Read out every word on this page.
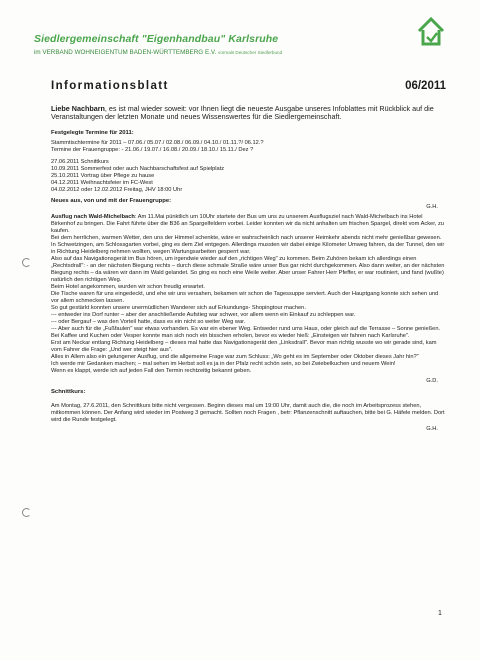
Siedlergemeinschaft "Eigenhandbau" Karlsruhe
im VERBAND WOHNEIGENTUM BADEN-WÜRTTEMBERG E.V. vormals Deutscher Siedlerbund
Informationsblatt	06/2011

Liebe Nachbarn, es ist mal wieder soweit: vor Ihnen liegt die neueste Ausgabe unseres Infoblattes mit Rückblick auf die Veranstaltungen der letzten Monate und neues Wissenswertes für die Siedlergemeinschaft.

Festgelegte Termine für 2011:

Stammtischtermine für 2011 – 07.06./ 05.07./ 02.08./ 06.09./ 04.10./ 01.11.?/ 06.12.?

Termine der Frauengruppe: - 21.06./ 19.07./ 16.08./ 20.09./ 18.10./ 15.11./ Dez ?

27.06.2011 Schnittkurs

10.09.2011 Sommerfest oder auch Nachbarschaftsfest auf Spielplatz

25.10.2011 Vortrag über Pflege zu hause

04.12.2011 Weihnachtsfeier im FC-West

04.02.2012 oder 12.02.2012 Freitag, JHV 18:00 Uhr

Neues aus, von und mit der Frauengruppe:

G.H.

Ausflug nach Wald-Michelbach: Am 11.Mai pünktlich um 10Uhr startete der Bus um uns zu unserem Ausflugsziel nach Wald-Michelbach ins Hotel Birkenhof zu bringen. Die Fahrt führte über die B36 an Spargelfeldern vorbei. Leider konnten wir da nicht anhalten um frischen Spargel, direkt vom Acker, zu kaufen.

Bei dem herrlichen, warmen Wetter, den uns der Himmel schenkte, wäre er wahrscheinlich nach unserer Heimkehr abends nicht mehr genießbar gewesen. In Schwetzingen, am Schlossgarten vorbei, ging es dem Ziel entgegen. Allerdings mussten wir dabei einige Kilometer Umweg fahren, da der Tunnel, den wir in Richtung Heidelberg nehmen wollten, wegen Wartungsarbeiten gesperrt war.

Also auf das Navigationsgerät im Bus hören, um irgendwie wieder auf den „richtigen Weg" zu kommen. Beim Zuhören bekam ich allerdings einen „Rechtsdrall": - an der nächsten Biegung rechts – durch diese schmale Straße wäre unser Bus gar nicht durchgekommen. Also dann weiter, an der nächsten Biegung rechts – da wären wir dann im Wald gelandet. So ging es noch eine Weile weiter. Aber unser Fahrer Herr Pfeffer, er war routiniert, und fand (wußte) natürlich den richtigen Weg.

Beim Hotel angekommen, wurden wir schon freudig erwartet.

Die Tische waren für uns eingedeckt, und ehe wir uns versahen, bekamen wir schon die Tagessuppe serviert. Auch der Hauptgang konnte sich sehen und vor allem schmecken lassen.

So gut gestärkt konnten unsere unermüdlichen Wanderer sich auf Erkundungs- Shopingtour machen.

--- entweder ins Dorf runter – aber der anschließende Aufstieg war schwer, vor allem wenn ein Einkauf zu schleppen war.

--- oder Bergauf – was den Vorteil hatte, dass es ein nicht so weiter Weg war.

--- Aber auch für die „Fußfaulen" war etwas vorhanden. Es war ein ebener Weg. Entweder rund ums Haus, oder gleich auf die Terrasse – Sonne genießen.

Bei Kaffee und Kuchen oder Vesper konnte man sich noch ein bisschen erholen, bevor es wieder hieß: „Einsteigen wir fahren nach Karlsruhe".

Erst am Neckar entlang Richtung Heidelberg – dieses mal hatte das Navigationsgerät den „Linksdrall". Bevor man richtig wusste wo wir gerade sind, kam vom Fahrer die Frage: „Und wer steigt hier aus".

Alles in Allem also ein gelungener Ausflug, und die allgemeine Frage war zum Schluss: „Wo geht es im September oder Oktober dieses Jahr hin?"

Ich werde mir Gedanken machen; – mal sehen im Herbst soll es ja in der Pfalz recht schön sein, so bei Zwiebelkuchen und neuem Wein!

Wenn es klappt, werde ich auf jeden Fall den Termin rechtzeitig bekannt geben.

G.D.

Schnittkurs:

Am Montag, 27.6.2011, den Schnittkurs bitte nicht vergessen. Beginn dieses mal um 19:00 Uhr, damit auch die, die noch im Arbeitsprozess stehen, mitkommen können. Der Anfang wird wieder im Postweg 3 gemacht. Sollten noch Fragen , betr: Pflanzenschnitt auftauchen, bitte bei G. Häfele melden. Dort wird die Runde festgelegt.

G.H.

1
